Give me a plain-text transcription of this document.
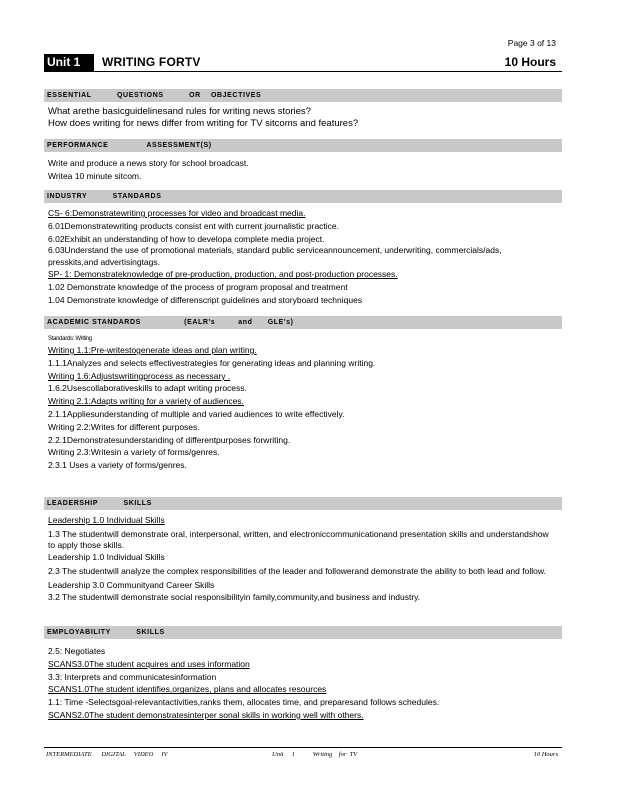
Page 3 of 13
Unit 1	WRITING FORTV	10 Hours
ESSENTIAL          QUESTIONS          OR    OBJECTIVES
What arethe basicguidelinesand rules for writing news stories?
How does writing for news differ from writing for TV sitcoms and features?
PERFORMANCE               ASSESSMENT(S)
Write and produce a news story for school broadcast.
Writea 10 minute sitcom.
INDUSTRY          STANDARDS
CS- 6:Demonstratewriting processes for video and broadcast media.
6.01Demonstratewriting products consist ent with current journalistic practice.
6.02Exhibit an understanding of how to developa complete media project.
6.03Understand the use of promotional materials, standard public serviceannouncement, underwriting, commercials/ads, presskits,and advertisingtags.
SP- 1: Demonstrateknowledge of pre-production, production, and post-production processes.
1.02 Demonstrate knowledge of the process of program proposal and treatment
1.04 Demonstrate knowledge of differenscript guidelines and storyboard techniques
ACADEMIC STANDARDS                 (EALR's         and      GLE's)
Standards: Writing
Writing 1.1:Pre-writestogenerate ideas and plan writing.
1.1.1Analyzes and selects effectivestrategies for generating ideas and planning writing.
Writing 1.6:Adjustswritingprocess as necessary .
1.6.2Usescollaborativeskills to adapt writing process.
Writing 2.1:Adapts writing for a variety of audiences.
2.1.1Appliesunderstanding of multiple and varied audiences to write effectively.
Writing 2.2:Writes for different purposes.
2.2.1Demonstratesunderstanding of differentpurposes forwriting.
Writing 2.3:Writesin a variety of forms/genres.
2.3.1 Uses a variety of forms/genres.
LEADERSHIP          SKILLS
Leadership 1.0 Individual Skills
1.3 The studentwill demonstrate oral, interpersonal, written, and electroniccommunicationand presentation skills and understandshow to apply those skills.
Leadership 1.0 Individual Skills
2.3 The studentwill analyze the complex responsibilities of the leader and followerand demonstrate the ability to both lead and follow.
Leadership 3.0 Communityand Career Skills
3.2 The studentwill demonstrate social responsibilityin family,community,and business and industry.
EMPLOYABILITY          SKILLS
2.5: Negotiates
SCANS3.0The student acquires and uses information
3.3: Interprets and communicatesinformation
SCANS1.0The student identifies,organizes, plans and allocates resources
1.1: Time -Selectsgoal-relevantactivities,ranks them, allocates time, and preparesand follows schedules.
SCANS2.0The student demonstratesinterper sonal skills in working well with others.
INTERMEDIATE      DIGITAL     VIDEO     IV	Unit     1           Writing    for  TV	10 Hours
